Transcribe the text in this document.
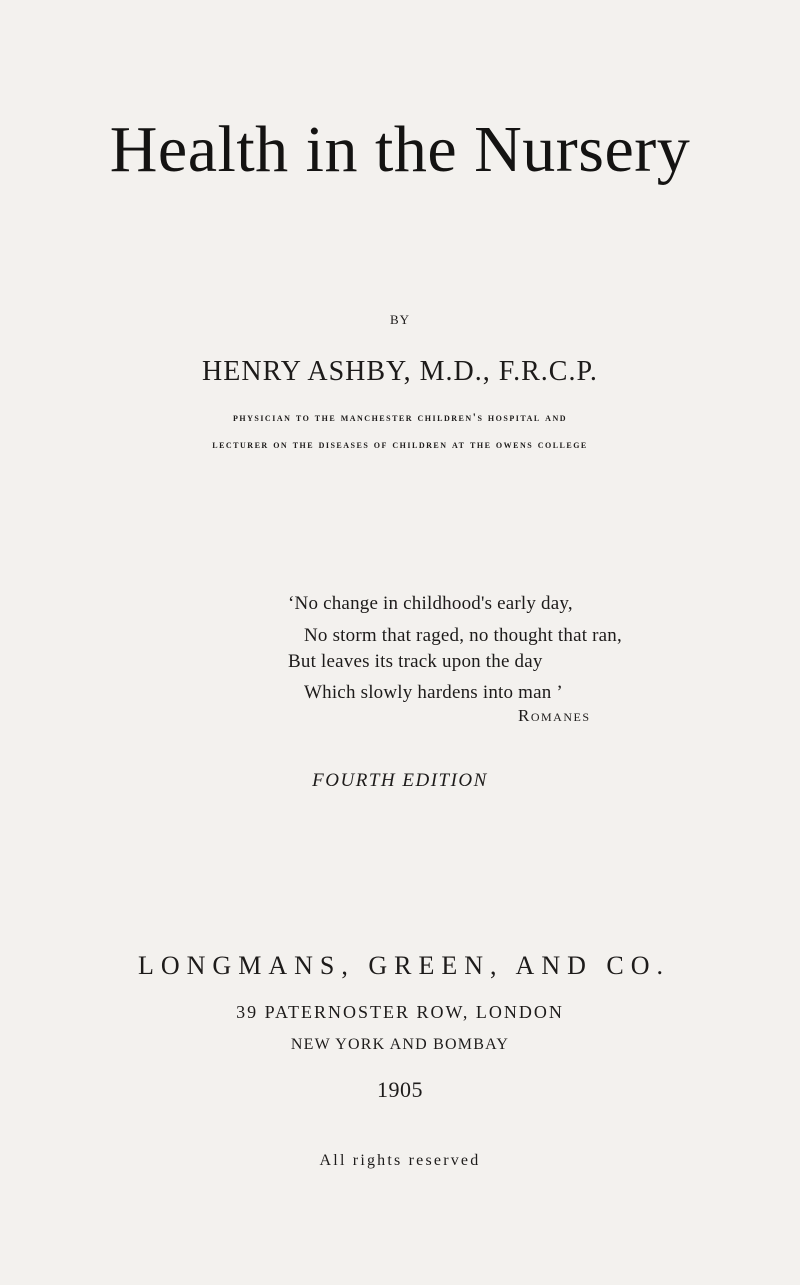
Health in the Nursery
BY
HENRY ASHBY, M.D., F.R.C.P.
physician to the manchester children's hospital and
lecturer on the diseases of children at the owens college
‘No change in childhood's early day,
No storm that raged, no thought that ran,
But leaves its track upon the day
Which slowly hardens into man ’
Romanes
FOURTH EDITION
LONGMANS, GREEN, AND CO.
39 PATERNOSTER ROW, LONDON
NEW YORK AND BOMBAY
1905
All rights reserved
